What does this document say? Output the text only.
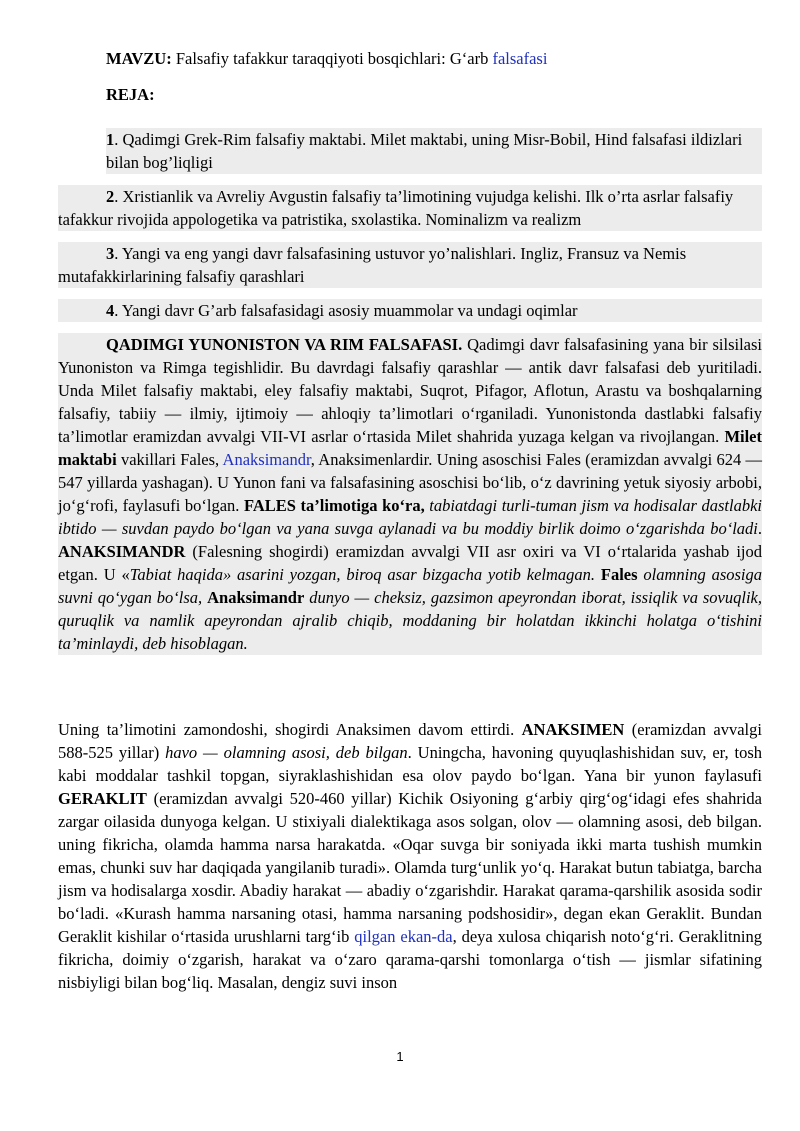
MAVZU: Falsafiy tafakkur taraqqiyoti bosqichlari: G‘arb falsafasi
REJA:
1. Qadimgi Grek-Rim falsafiy maktabi. Milet maktabi, uning Misr-Bobil, Hind falsafasi ildizlari bilan bog’liqligi
2. Xristianlik va Avreliy Avgustin falsafiy ta’limotining vujudga kelishi. Ilk o’rta asrlar falsafiy tafakkur rivojida appologetika va patristika, sxolastika. Nominalizm va realizm
3. Yangi va eng yangi davr falsafasining ustuvor yo’nalishlari. Ingliz, Fransuz va Nemis mutafakkirlarining falsafiy qarashlari
4. Yangi davr G’arb falsafasidagi asosiy muammolar va undagi oqimlar
QADIMGI YUNONISTON VA RIM FALSAFASI. Qadimgi davr falsafasining yana bir silsilasi Yunoniston va Rimga tegishlidir. Bu davrdagi falsafiy qarashlar — antik davr falsafasi deb yuritiladi. Unda Milet falsafiy maktabi, eley falsafiy maktabi, Suqrot, Pifagor, Aflotun, Arastu va boshqalarning falsafiy, tabiiy — ilmiy, ijtimoiy — ahloqiy ta’limotlari o‘rganiladi. Yunonistonda dastlabki falsafiy ta’limotlar eramizdan avvalgi VII-VI asrlar o‘rtasida Milet shahrida yuzaga kelgan va rivojlangan. Milet maktabi vakillari Fales, Anaksimandr, Anaksimenlardir. Uning asoschisi Fales (eramizdan avvalgi 624 — 547 yillarda yashagan). U Yunon fani va falsafasining asoschisi bo‘lib, o‘z davrining yetuk siyosiy arbobi, jo‘g‘rofi, faylasufi bo‘lgan. FALES ta’limotiga ko‘ra, tabiatdagi turli-tuman jism va hodisalar dastlabki ibtido — suvdan paydo bo‘lgan va yana suvga aylanadi va bu moddiy birlik doimo o‘zgarishda bo‘ladi. ANAKSIMANDR (Falesning shogirdi) eramizdan avvalgi VII asr oxiri va VI o‘rtalarida yashab ijod etgan. U «Tabiat haqida» asarini yozgan, biroq asar bizgacha yotib kelmagan. Fales olamning asosiga suvni qo‘ygan bo‘lsa, Anaksimandr dunyo — cheksiz, gazsimon apeyrondan iborat, issiqlik va sovuqlik, quruqlik va namlik apeyrondan ajralib chiqib, moddaning bir holatdan ikkinchi holatga o‘tishini ta’minlaydi, deb hisoblagan.
Uning ta’limotini zamondoshi, shogirdi Anaksimen davom ettirdi. ANAKSIMEN (eramizdan avvalgi 588-525 yillar) havo — olamning asosi, deb bilgan. Uningcha, havoning quyuqlashishidan suv, er, tosh kabi moddalar tashkil topgan, siyraklashishidan esa olov paydo bo‘lgan. Yana bir yunon faylasufi GERAKLIT (eramizdan avvalgi 520-460 yillar) Kichik Osiyoning g‘arbiy qirg‘og‘idagi efes shahrida zargar oilasida dunyoga kelgan. U stixiyali dialektikaga asos solgan, olov — olamning asosi, deb bilgan. uning fikricha, olamda hamma narsa harakatda. «Oqar suvga bir soniyada ikki marta tushish mumkin emas, chunki suv har daqiqada yangilanib turadi». Olamda turg‘unlik yo‘q. Harakat butun tabiatga, barcha jism va hodisalarga xosdir. Abadiy harakat — abadiy o‘zgarishdir. Harakat qarama-qarshilik asosida sodir bo‘ladi. «Kurash hamma narsaning otasi, hamma narsaning podshosidir», degan ekan Geraklit. Bundan Geraklit kishilar o‘rtasida urushlarni targ‘ib qilgan ekan-da, deya xulosa chiqarish noto‘g‘ri. Geraklitning fikricha, doimiy o‘zgarish, harakat va o‘zaro qarama-qarshi tomonlarga o‘tish — jismlar sifatining nisbiyligi bilan bog‘liq. Masalan, dengiz suvi inson
1
